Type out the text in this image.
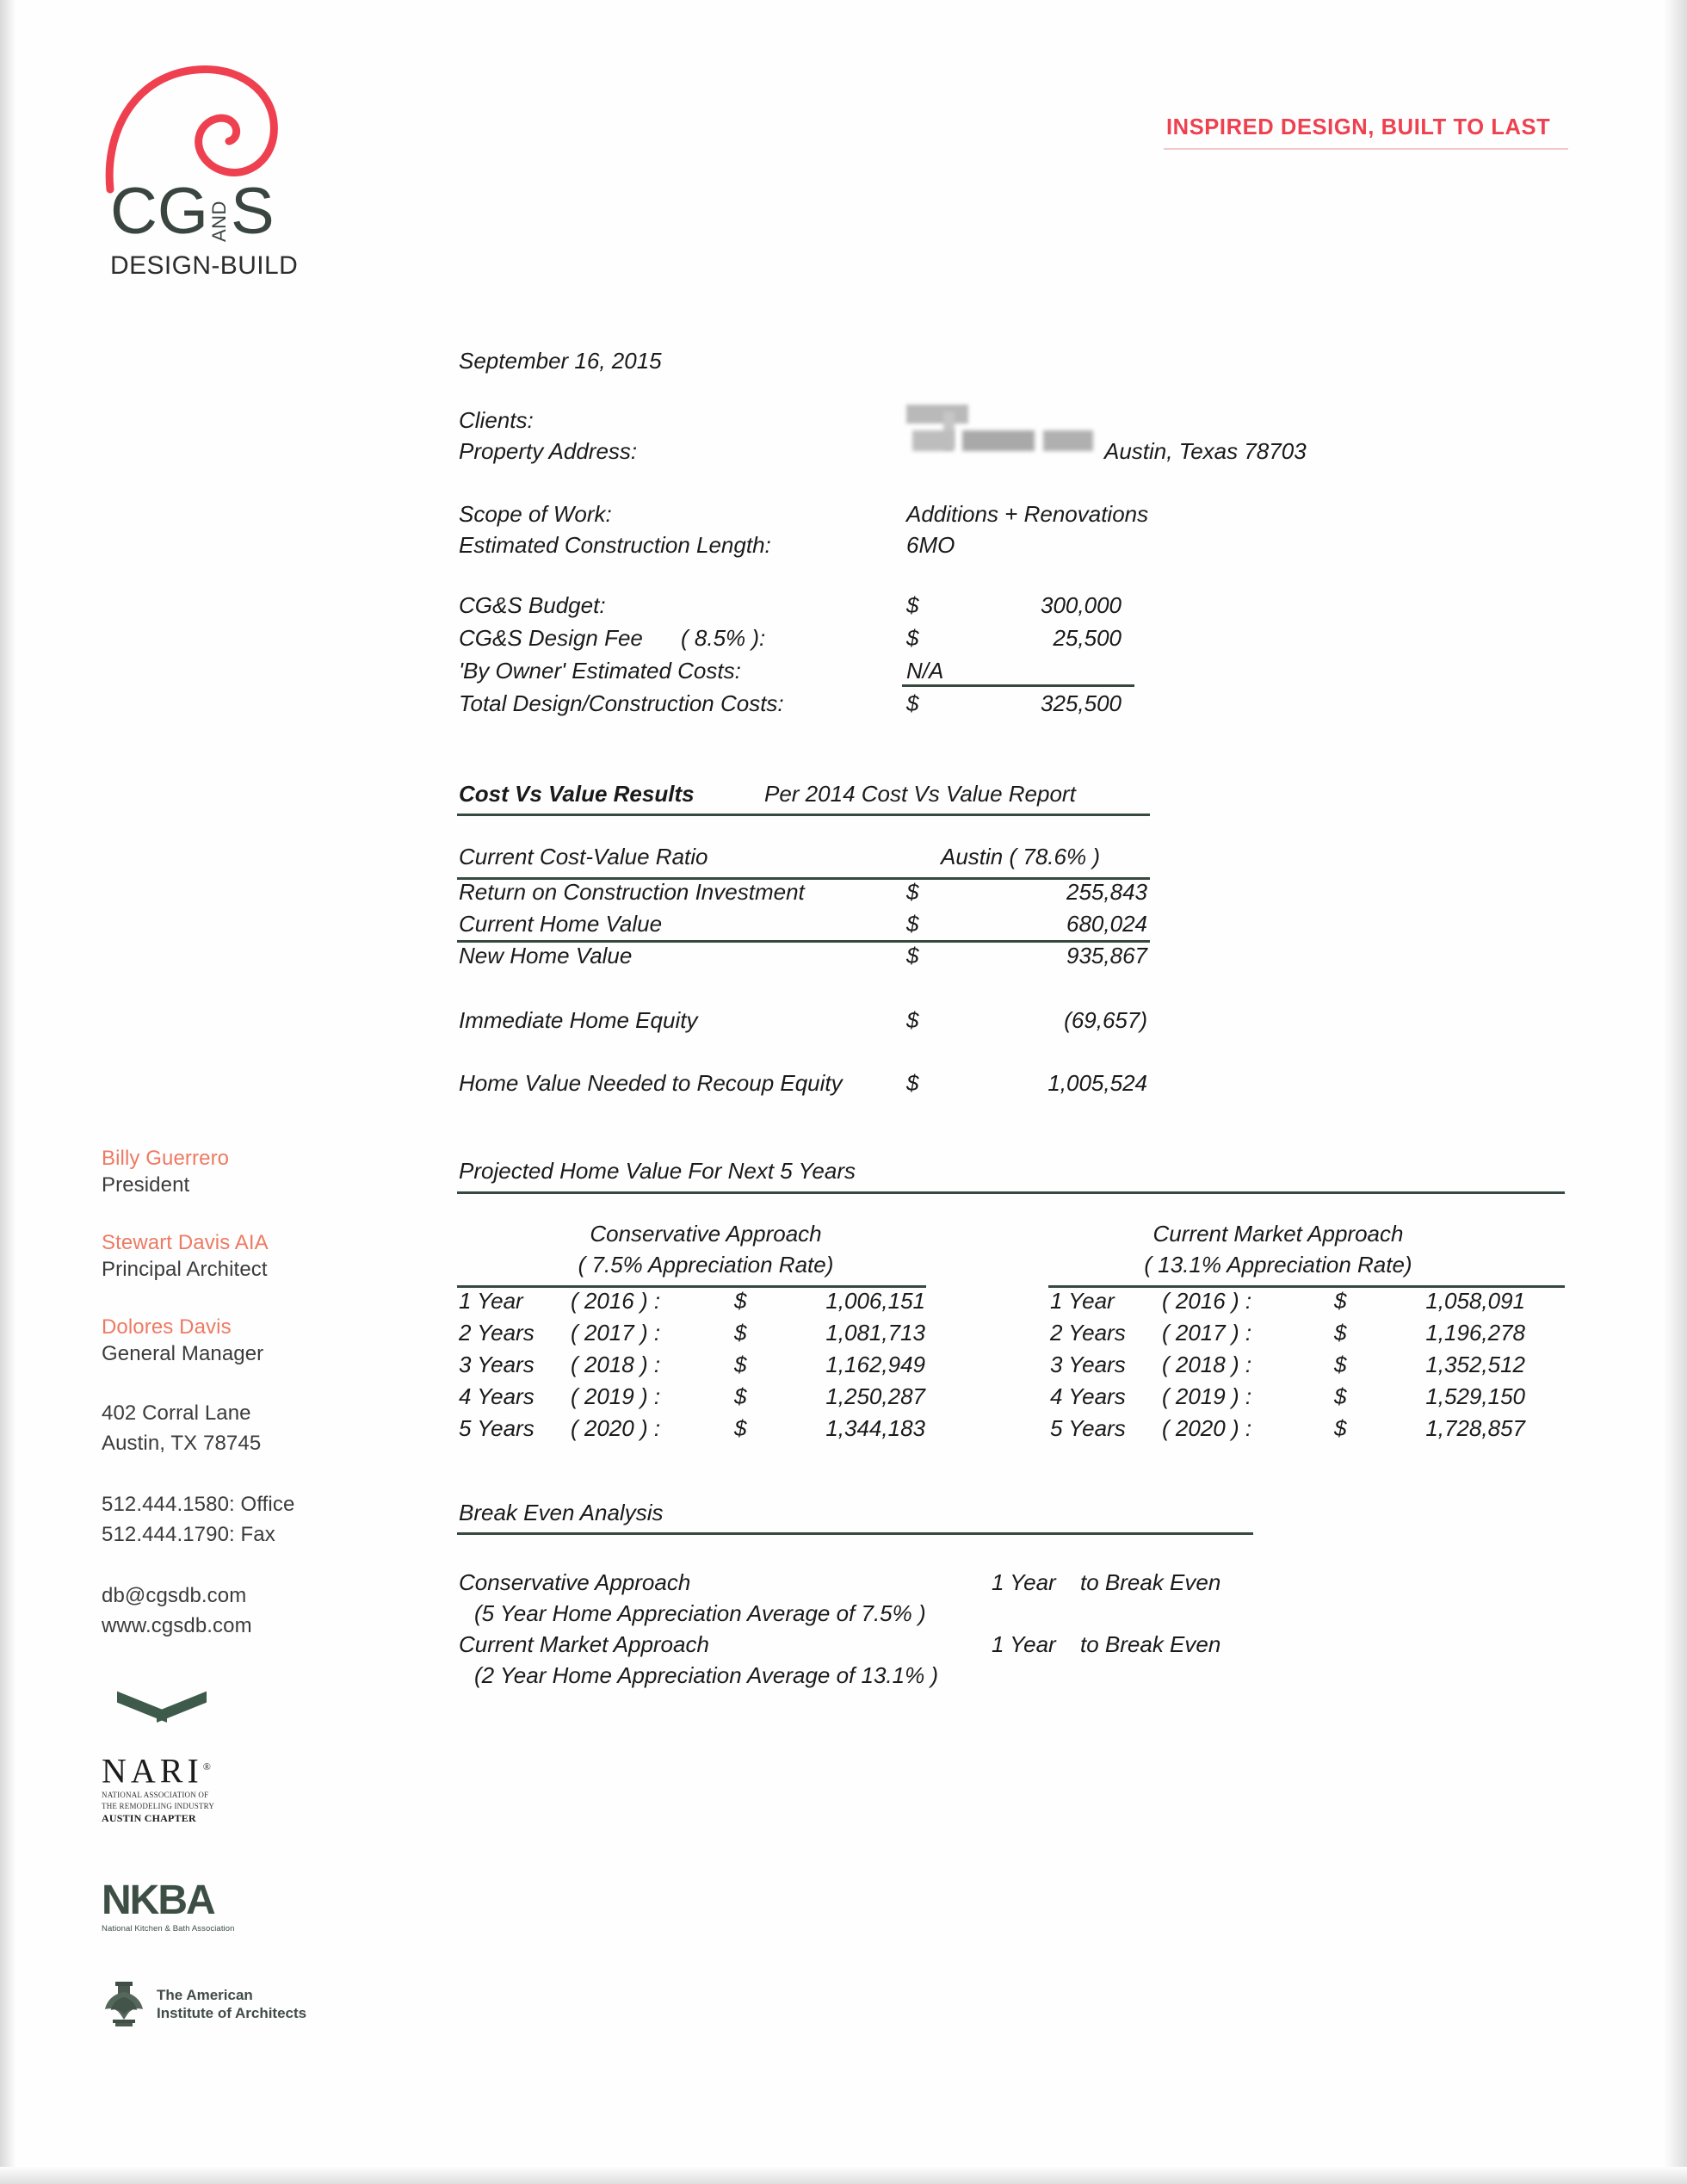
CG AND S
DESIGN-BUILD
INSPIRED DESIGN, BUILT TO LAST
September 16, 2015
Clients:
Property Address:	Austin, Texas 78703
Scope of Work:	Additions + Renovations
Estimated Construction Length:	6MO
CG&S Budget:	$	300,000
CG&S Design Fee ( 8.5% ):	$	25,500
'By Owner' Estimated Costs:	N/A
Total Design/Construction Costs:	$	325,500
Cost Vs Value Results	Per 2014 Cost Vs Value Report
Current Cost-Value Ratio	Austin ( 78.6% )
Return on Construction Investment	$	255,843
Current Home Value	$	680,024
New Home Value	$	935,867
Immediate Home Equity	$	(69,657)
Home Value Needed to Recoup Equity	$	1,005,524
Projected Home Value For Next 5 Years
Conservative Approach
( 7.5% Appreciation Rate)
1 Year ( 2016 ) :	$	1,006,151
2 Years ( 2017 ) :	$	1,081,713
3 Years ( 2018 ) :	$	1,162,949
4 Years ( 2019 ) :	$	1,250,287
5 Years ( 2020 ) :	$	1,344,183
Current Market Approach
( 13.1% Appreciation Rate)
1 Year ( 2016 ) :	$	1,058,091
2 Years ( 2017 ) :	$	1,196,278
3 Years ( 2018 ) :	$	1,352,512
4 Years ( 2019 ) :	$	1,529,150
5 Years ( 2020 ) :	$	1,728,857
Break Even Analysis
Conservative Approach	1 Year to Break Even
(5 Year Home Appreciation Average of 7.5% )
Current Market Approach	1 Year to Break Even
(2 Year Home Appreciation Average of 13.1% )
Billy Guerrero
President
Stewart Davis AIA
Principal Architect
Dolores Davis
General Manager
402 Corral Lane
Austin, TX 78745
512.444.1580: Office
512.444.1790: Fax
db@cgsdb.com
www.cgsdb.com
NARI®
NATIONAL ASSOCIATION OF
THE REMODELING INDUSTRY
AUSTIN CHAPTER
NKBA
National Kitchen & Bath Association
The American
Institute of Architects
